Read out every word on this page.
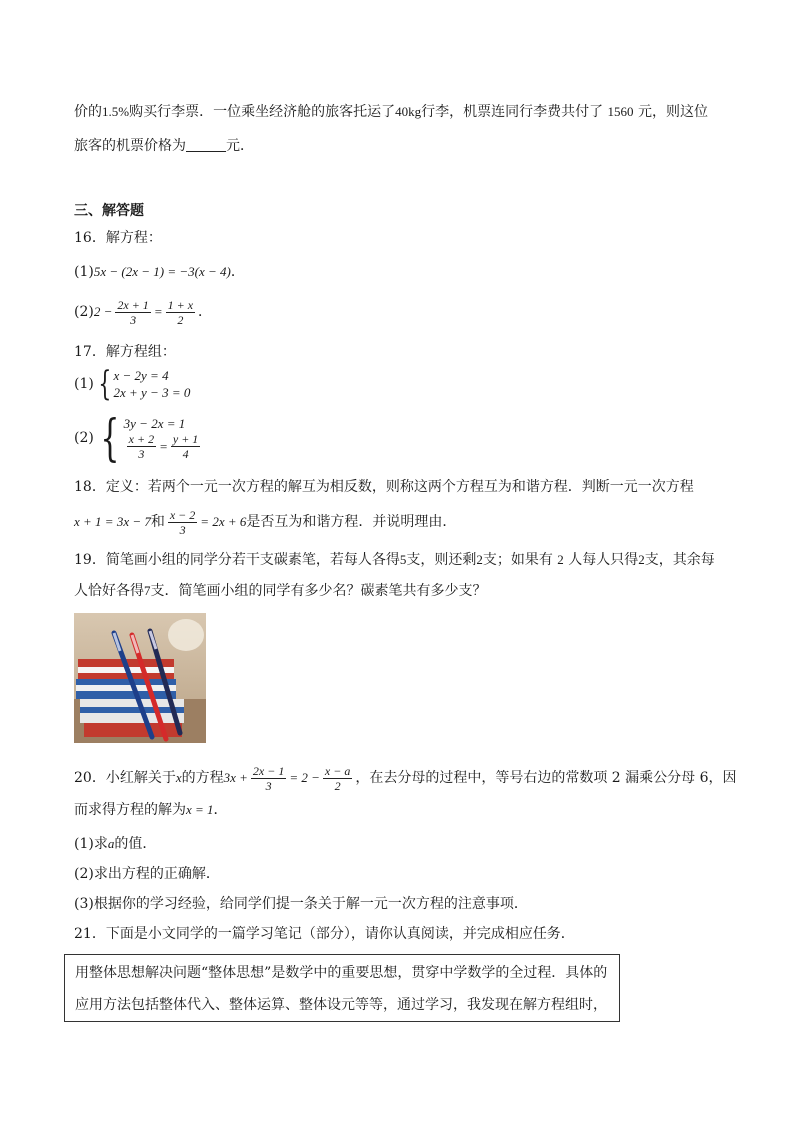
价的1.5%购买行李票．一位乘坐经济舱的旅客托运了40kg行李，机票连同行李费共付了 1560 元，则这位
旅客的机票价格为	元．
三、解答题
16．解方程：
(1)5x − (2x − 1) = −3(x − 4)．
$(2)2 - \frac{2x + 1}{3} = \frac{1 + x}{2}$ ．
17．解方程组：
(1) { x − 2y = 4
2x + y − 3 = 0
(2) { 3y − 2x = 1
$\frac{x + 2}{3} = \frac{y + 1}{4}$
18．定义：若两个一元一次方程的解互为相反数，则称这两个方程互为和谐方程．判断一元一次方程
x + 1 = 3x − 7和 $\frac{x - 2}{3} = 2x + 6$是否互为和谐方程．并说明理由．
19．简笔画小组的同学分若干支碳素笔，若每人各得5支，则还剩2支；如果有 2 人每人只得2支，其余每
人恰好各得7支．简笔画小组的同学有多少名？碳素笔共有多少支？
20．小红解关于x的方程$3x + \frac{2x - 1}{3} = 2 - \frac{x - a}{2}$ ，在去分母的过程中，等号右边的常数项 2 漏乘公分母 6，因
而求得方程的解为x = 1．
(1)求a的值．
(2)求出方程的正确解．
(3)根据你的学习经验，给同学们提一条关于解一元一次方程的注意事项．
21．下面是小文同学的一篇学习笔记（部分），请你认真阅读，并完成相应任务．
用整体思想解决问题“整体思想”是数学中的重要思想，贯穿中学数学的全过程．具体的
应用方法包括整体代入、整体运算、整体设元等等，通过学习，我发现在解方程组时，
